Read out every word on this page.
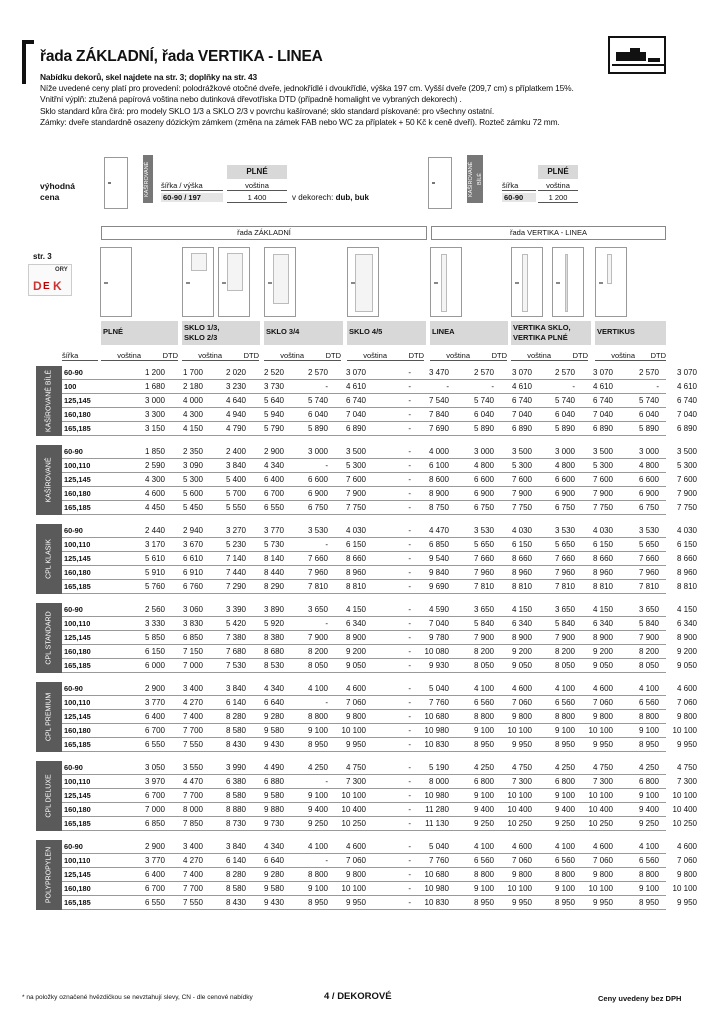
řada ZÁKLADNÍ, řada VERTIKA - LINEA
Nabídku dekorů, skel najdete na str. 3; doplňky na str. 43
Níže uvedené ceny platí pro provedení: polodrážkové otočné dveře, jednokřídlé i dvoukřídlé, výška 197 cm. Vyšší dveře (209,7 cm) s příplatkem 15%.
Vnitřní výplň: ztužená papírová voština nebo dutinková dřevotříska DTD (případně homalight ve vybraných dekorech) .
Sklo standard kůra čirá: pro modely SKLO 1/3 a SKLO 2/3 v povrchu kašírované; sklo standard pískované: pro všechny ostatní.
Zámky: dveře standardně osazeny dózickým zámkem (změna na zámek FAB nebo WC za příplatek + 50 Kč k ceně dveří). Rozteč zámku 72 mm.
výhodná
cena
KAŠÍROVANÉ	šířka / výška
60-90 / 197
PLNÉ
voština
1 400	v dekorech: dub, buk
KAŠÍROVANÉ BÍLÉ
šířka
60-90
PLNÉ
voština
1 200
řada ZÁKLADNÍ	řada VERTIKA - LINEA
str. 3
D E K
ORY
PLNÉ	SKLO 1/3,
SKLO 2/3
SKLO 3/4	SKLO 4/5	LINEA	VERTIKA SKLO,
VERTIKA PLNÉ
VERTIKUS
šířka	voština	DTD	voština	DTD	voština	DTD	voština	DTD	voština	DTD	voština	DTD	voština	DTD
KAŠÍROVANÉ BÍLÉ 60-90	1 200	1 700	2 020	2 520	2 570	3 070	-	3 470	2 570	3 070	2 570	3 070	2 570	3 070
100	1 680	2 180	3 230	3 730	-	4 610	-	-	-	4 610	-	4 610	-	4 610
125,145	3 000	4 000	4 640	5 640	5 740	6 740	-	7 540	5 740	6 740	5 740	6 740	5 740	6 740
160,180	3 300	4 300	4 940	5 940	6 040	7 040	-	7 840	6 040	7 040	6 040	7 040	6 040	7 040
165,185	3 150	4 150	4 790	5 790	5 890	6 890	-	7 690	5 890	6 890	5 890	6 890	5 890	6 890
KAŠÍROVANÉ
60-90	1 850	2 350	2 400	2 900	3 000	3 500	-	4 000	3 000	3 500	3 000	3 500	3 000	3 500
100,110	2 590	3 090	3 840	4 340	-	5 300	-	6 100	4 800	5 300	4 800	5 300	4 800	5 300
125,145	4 300	5 300	5 400	6 400	6 600	7 600	-	8 600	6 600	7 600	6 600	7 600	6 600	7 600
160,180	4 600	5 600	5 700	6 700	6 900	7 900	-	8 900	6 900	7 900	6 900	7 900	6 900	7 900
165,185	4 450	5 450	5 550	6 550	6 750	7 750	-	8 750	6 750	7 750	6 750	7 750	6 750	7 750
CPL KLASIK
60-90	2 440	2 940	3 270	3 770	3 530	4 030	-	4 470	3 530	4 030	3 530	4 030	3 530	4 030
100,110	3 170	3 670	5 230	5 730	-	6 150	-	6 850	5 650	6 150	5 650	6 150	5 650	6 150
125,145	5 610	6 610	7 140	8 140	7 660	8 660	-	9 540	7 660	8 660	7 660	8 660	7 660	8 660
160,180	5 910	6 910	7 440	8 440	7 960	8 960	-	9 840	7 960	8 960	7 960	8 960	7 960	8 960
165,185	5 760	6 760	7 290	8 290	7 810	8 810	-	9 690	7 810	8 810	7 810	8 810	7 810	8 810
CPL STANDARD
60-90	2 560	3 060	3 390	3 890	3 650	4 150	-	4 590	3 650	4 150	3 650	4 150	3 650	4 150
100,110	3 330	3 830	5 420	5 920	-	6 340	-	7 040	5 840	6 340	5 840	6 340	5 840	6 340
125,145	5 850	6 850	7 380	8 380	7 900	8 900	-	9 780	7 900	8 900	7 900	8 900	7 900	8 900
160,180	6 150	7 150	7 680	8 680	8 200	9 200	-	10 080	8 200	9 200	8 200	9 200	8 200	9 200
165,185	6 000	7 000	7 530	8 530	8 050	9 050	-	9 930	8 050	9 050	8 050	9 050	8 050	9 050
CPL PREMIUM
60-90	2 900	3 400	3 840	4 340	4 100	4 600	-	5 040	4 100	4 600	4 100	4 600	4 100	4 600
100,110	3 770	4 270	6 140	6 640	-	7 060	-	7 760	6 560	7 060	6 560	7 060	6 560	7 060
125,145	6 400	7 400	8 280	9 280	8 800	9 800	-	10 680	8 800	9 800	8 800	9 800	8 800	9 800
160,180	6 700	7 700	8 580	9 580	9 100	10 100	-	10 980	9 100	10 100	9 100	10 100	9 100	10 100
165,185	6 550	7 550	8 430	9 430	8 950	9 950	-	10 830	8 950	9 950	8 950	9 950	8 950	9 950
CPL DELUXE
60-90	3 050	3 550	3 990	4 490	4 250	4 750	-	5 190	4 250	4 750	4 250	4 750	4 250	4 750
100,110	3 970	4 470	6 380	6 880	-	7 300	-	8 000	6 800	7 300	6 800	7 300	6 800	7 300
125,145	6 700	7 700	8 580	9 580	9 100	10 100	-	10 980	9 100	10 100	9 100	10 100	9 100	10 100
160,180	7 000	8 000	8 880	9 880	9 400	10 400	-	11 280	9 400	10 400	9 400	10 400	9 400	10 400
165,185	6 850	7 850	8 730	9 730	9 250	10 250	-	11 130	9 250	10 250	9 250	10 250	9 250	10 250
POLYPROPYLEN
60-90	2 900	3 400	3 840	4 340	4 100	4 600	-	5 040	4 100	4 600	4 100	4 600	4 100	4 600
100,110	3 770	4 270	6 140	6 640	-	7 060	-	7 760	6 560	7 060	6 560	7 060	6 560	7 060
125,145	6 400	7 400	8 280	9 280	8 800	9 800	-	10 680	8 800	9 800	8 800	9 800	8 800	9 800
160,180	6 700	7 700	8 580	9 580	9 100	10 100	-	10 980	9 100	10 100	9 100	10 100	9 100	10 100
165,185	6 550	7 550	8 430	9 430	8 950	9 950	-	10 830	8 950	9 950	8 950	9 950	8 950	9 950
* na položky označené hvězdičkou se nevztahují slevy, CN - dle cenové nabídky	4 / DEKOROVÉ	Ceny uvedeny bez DPH
